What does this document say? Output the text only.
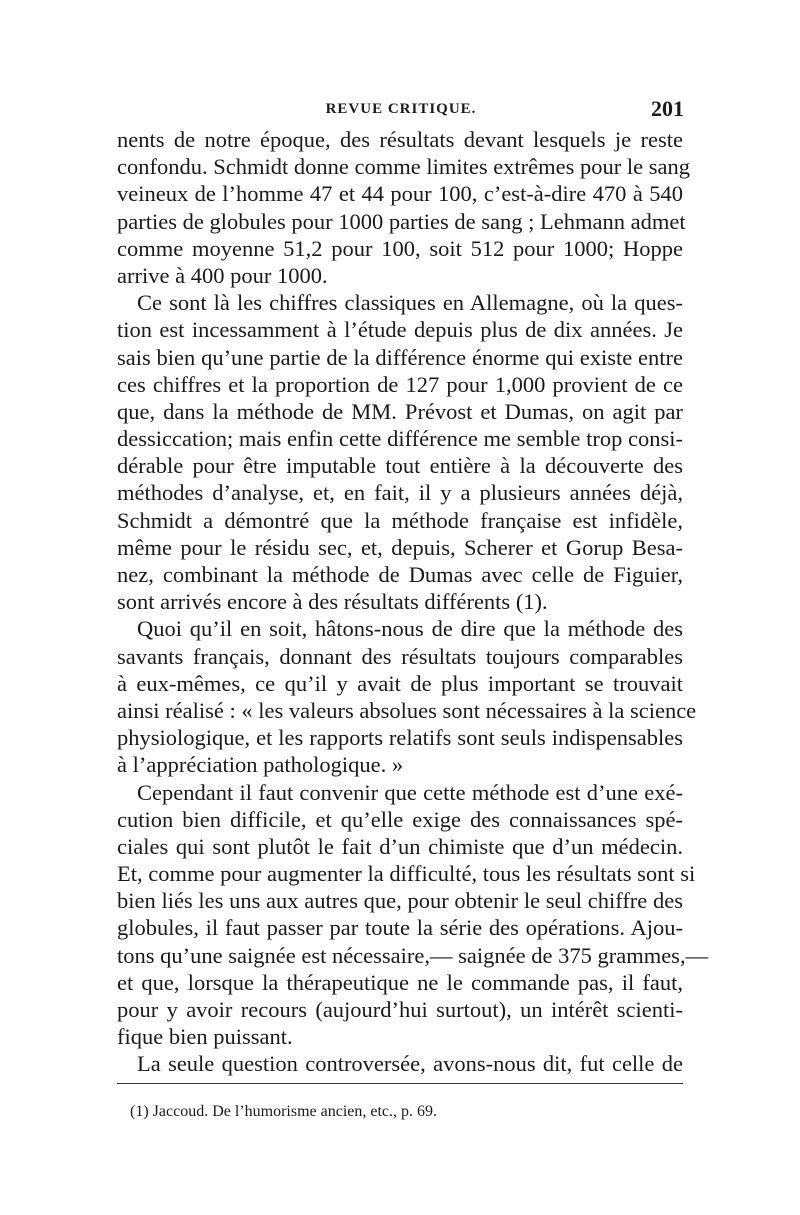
REVUE CRITIQUE.	201
nents de notre époque, des résultats devant lesquels je reste
confondu. Schmidt donne comme limites extrêmes pour le sang
veineux de l’homme 47 et 44 pour 100, c’est-à-dire 470 à 540
parties de globules pour 1000 parties de sang ; Lehmann admet
comme moyenne 51,2 pour 100, soit 512 pour 1000; Hoppe
arrive à 400 pour 1000.
Ce sont là les chiffres classiques en Allemagne, où la ques-
tion est incessamment à l’étude depuis plus de dix années. Je
sais bien qu’une partie de la différence énorme qui existe entre
ces chiffres et la proportion de 127 pour 1,000 provient de ce
que, dans la méthode de MM. Prévost et Dumas, on agit par
dessiccation; mais enfin cette différence me semble trop consi-
dérable pour être imputable tout entière à la découverte des
méthodes d’analyse, et, en fait, il y a plusieurs années déjà,
Schmidt a démontré que la méthode française est infidèle,
même pour le résidu sec, et, depuis, Scherer et Gorup Besa-
nez, combinant la méthode de Dumas avec celle de Figuier,
sont arrivés encore à des résultats différents (1).
Quoi qu’il en soit, hâtons-nous de dire que la méthode des
savants français, donnant des résultats toujours comparables
à eux-mêmes, ce qu’il y avait de plus important se trouvait
ainsi réalisé : « les valeurs absolues sont nécessaires à la science
physiologique, et les rapports relatifs sont seuls indispensables
à l’appréciation pathologique. »
Cependant il faut convenir que cette méthode est d’une exé-
cution bien difficile, et qu’elle exige des connaissances spé-
ciales qui sont plutôt le fait d’un chimiste que d’un médecin.
Et, comme pour augmenter la difficulté, tous les résultats sont si
bien liés les uns aux autres que, pour obtenir le seul chiffre des
globules, il faut passer par toute la série des opérations. Ajou-
tons qu’une saignée est nécessaire,— saignée de 375 grammes,—
et que, lorsque la thérapeutique ne le commande pas, il faut,
pour y avoir recours (aujourd’hui surtout), un intérêt scienti-
fique bien puissant.
La seule question controversée, avons-nous dit, fut celle de
(1) Jaccoud. De l’humorisme ancien, etc., p. 69.
